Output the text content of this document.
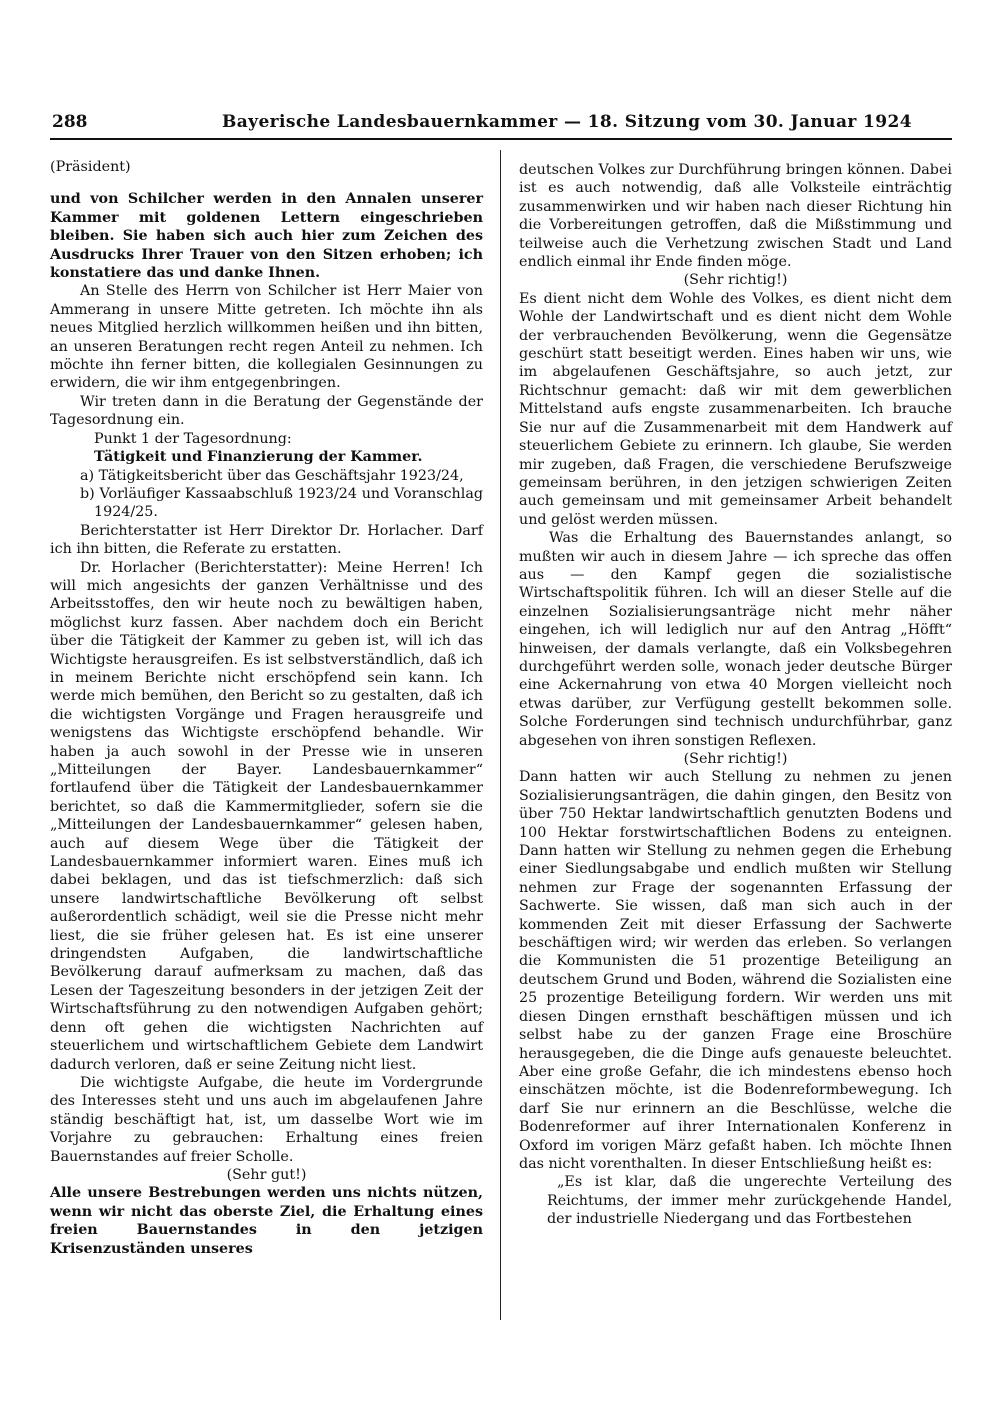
288	Bayerische Landesbauernkammer — 18. Sitzung vom 30. Januar 1924

(Präsident)

und von Schilcher werden in den Annalen unserer Kammer mit goldenen Lettern eingeschrieben bleiben. Sie haben sich auch hier zum Zeichen des Ausdrucks Ihrer Trauer von den Sitzen erhoben; ich konstatiere das und danke Ihnen.

An Stelle des Herrn von Schilcher ist Herr Maier von Ammerang in unsere Mitte getreten. Ich möchte ihn als neues Mitglied herzlich willkommen heißen und ihn bitten, an unseren Beratungen recht regen Anteil zu nehmen. Ich möchte ihn ferner bitten, die kollegialen Gesinnungen zu erwidern, die wir ihm entgegenbringen.

Wir treten dann in die Beratung der Gegenstände der Tagesordnung ein.

Punkt 1 der Tagesordnung:

Tätigkeit und Finanzierung der Kammer.

a) Tätigkeitsbericht über das Geschäftsjahr 1923/24,

b) Vorläufiger Kassaabschluß 1923/24 und Voranschlag 1924/25.

Berichterstatter ist Herr Direktor Dr. Horlacher. Darf ich ihn bitten, die Referate zu erstatten.

Dr. Horlacher (Berichterstatter): Meine Herren! Ich will mich angesichts der ganzen Verhältnisse und des Arbeitsstoffes, den wir heute noch zu bewältigen haben, möglichst kurz fassen. Aber nachdem doch ein Bericht über die Tätigkeit der Kammer zu geben ist, will ich das Wichtigste herausgreifen. Es ist selbstverständlich, daß ich in meinem Berichte nicht erschöpfend sein kann. Ich werde mich bemühen, den Bericht so zu gestalten, daß ich die wichtigsten Vorgänge und Fragen herausgreife und wenigstens das Wichtigste erschöpfend behandle. Wir haben ja auch sowohl in der Presse wie in unseren „Mitteilungen der Bayer. Landesbauernkammer“ fortlaufend über die Tätigkeit der Landesbauernkammer berichtet, so daß die Kammermitglieder, sofern sie die „Mitteilungen der Landesbauernkammer“ gelesen haben, auch auf diesem Wege über die Tätigkeit der Landesbauernkammer informiert waren. Eines muß ich dabei beklagen, und das ist tiefschmerzlich: daß sich unsere landwirtschaftliche Bevölkerung oft selbst außerordentlich schädigt, weil sie die Presse nicht mehr liest, die sie früher gelesen hat. Es ist eine unserer dringendsten Aufgaben, die landwirtschaftliche Bevölkerung darauf aufmerksam zu machen, daß das Lesen der Tageszeitung besonders in der jetzigen Zeit der Wirtschaftsführung zu den notwendigen Aufgaben gehört; denn oft gehen die wichtigsten Nachrichten auf steuerlichem und wirtschaftlichem Gebiete dem Landwirt dadurch verloren, daß er seine Zeitung nicht liest.

Die wichtigste Aufgabe, die heute im Vordergrunde des Interesses steht und uns auch im abgelaufenen Jahre ständig beschäftigt hat, ist, um dasselbe Wort wie im Vorjahre zu gebrauchen: Erhaltung eines freien Bauernstandes auf freier Scholle.

(Sehr gut!)

Alle unsere Bestrebungen werden uns nichts nützen, wenn wir nicht das oberste Ziel, die Erhaltung eines freien Bauernstandes in den jetzigen Krisenzuständen unseres

deutschen Volkes zur Durchführung bringen können. Dabei ist es auch notwendig, daß alle Volksteile einträchtig zusammenwirken und wir haben nach dieser Richtung hin die Vorbereitungen getroffen, daß die Mißstimmung und teilweise auch die Verhetzung zwischen Stadt und Land endlich einmal ihr Ende finden möge.

(Sehr richtig!)

Es dient nicht dem Wohle des Volkes, es dient nicht dem Wohle der Landwirtschaft und es dient nicht dem Wohle der verbrauchenden Bevölkerung, wenn die Gegensätze geschürt statt beseitigt werden. Eines haben wir uns, wie im abgelaufenen Geschäftsjahre, so auch jetzt, zur Richtschnur gemacht: daß wir mit dem gewerblichen Mittelstand aufs engste zusammenarbeiten. Ich brauche Sie nur auf die Zusammenarbeit mit dem Handwerk auf steuerlichem Gebiete zu erinnern. Ich glaube, Sie werden mir zugeben, daß Fragen, die verschiedene Berufszweige gemeinsam berühren, in den jetzigen schwierigen Zeiten auch gemeinsam und mit gemeinsamer Arbeit behandelt und gelöst werden müssen.

Was die Erhaltung des Bauernstandes anlangt, so mußten wir auch in diesem Jahre — ich spreche das offen aus — den Kampf gegen die sozialistische Wirtschaftspolitik führen. Ich will an dieser Stelle auf die einzelnen Sozialisierungsanträge nicht mehr näher eingehen, ich will lediglich nur auf den Antrag „Höfft“ hinweisen, der damals verlangte, daß ein Volksbegehren durchgeführt werden solle, wonach jeder deutsche Bürger eine Ackernahrung von etwa 40 Morgen vielleicht noch etwas darüber, zur Verfügung gestellt bekommen solle. Solche Forderungen sind technisch undurchführbar, ganz abgesehen von ihren sonstigen Reflexen.

(Sehr richtig!)

Dann hatten wir auch Stellung zu nehmen zu jenen Sozialisierungsanträgen, die dahin gingen, den Besitz von über 750 Hektar landwirtschaftlich genutzten Bodens und 100 Hektar forstwirtschaftlichen Bodens zu enteignen. Dann hatten wir Stellung zu nehmen gegen die Erhebung einer Siedlungsabgabe und endlich mußten wir Stellung nehmen zur Frage der sogenannten Erfassung der Sachwerte. Sie wissen, daß man sich auch in der kommenden Zeit mit dieser Erfassung der Sachwerte beschäftigen wird; wir werden das erleben. So verlangen die Kommunisten die 51 prozentige Beteiligung an deutschem Grund und Boden, während die Sozialisten eine 25 prozentige Beteiligung fordern. Wir werden uns mit diesen Dingen ernsthaft beschäftigen müssen und ich selbst habe zu der ganzen Frage eine Broschüre herausgegeben, die die Dinge aufs genaueste beleuchtet. Aber eine große Gefahr, die ich mindestens ebenso hoch einschätzen möchte, ist die Bodenreformbewegung. Ich darf Sie nur erinnern an die Beschlüsse, welche die Bodenreformer auf ihrer Internationalen Konferenz in Oxford im vorigen März gefaßt haben. Ich möchte Ihnen das nicht vorenthalten. In dieser Entschließung heißt es:

„Es ist klar, daß die ungerechte Verteilung des Reichtums, der immer mehr zurückgehende Handel, der industrielle Niedergang und das Fortbestehen
